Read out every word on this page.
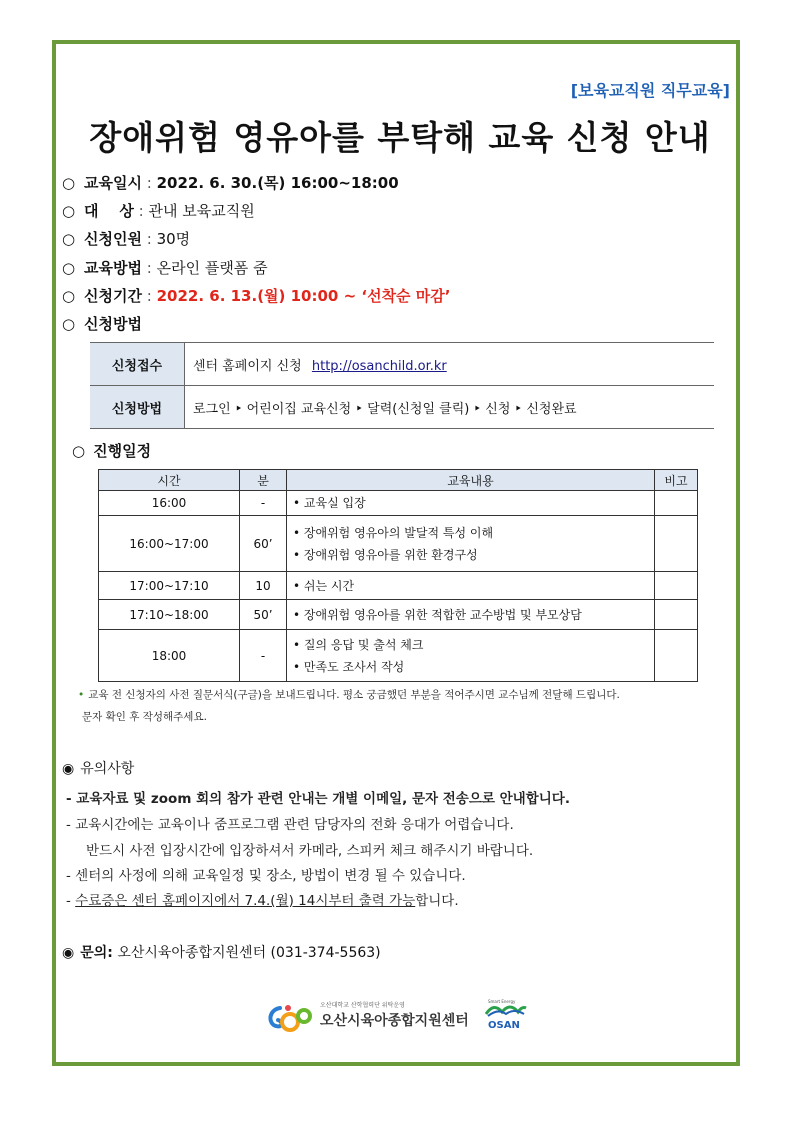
[보육교직원 직무교육]
장애위험 영유아를 부탁해 교육 신청 안내
○ 교육일시 : 2022. 6. 30.(목) 16:00~18:00
○ 대    상 : 관내 보육교직원
○ 신청인원 : 30명
○ 교육방법 : 온라인 플랫폼 줌
○ 신청기간 : 2022. 6. 13.(월) 10:00 ~ ‘선착순 마감’
○ 신청방법
신청접수	센터 홈페이지 신청 http://osanchild.or.kr
신청방법	로그인 ‣ 어린이집 교육신청 ‣ 달력(신청일 클릭) ‣ 신청 ‣ 신청완료
○ 진행일정
시간	분	교육내용	비고
16:00	-	• 교육실 입장	

16:00~17:00	60’	• 장애위험 영유아의 발달적 특성 이해
• 장애위험 영유아를 위한 환경구성	

17:00~17:10	10	• 쉬는 시간	

17:10~18:00	50’	• 장애위험 영유아를 위한 적합한 교수방법 및 부모상담	

18:00	-	• 질의 응답 및 출석 체크
• 만족도 조사서 작성	

• 교육 전 신청자의 사전 질문서식(구글)을 보내드립니다. 평소 궁금했던 부분을 적어주시면 교수님께 전달해 드립니다.
문자 확인 후 작성해주세요.
◉ 유의사항
- 교육자료 및 zoom 회의 참가 관련 안내는 개별 이메일, 문자 전송으로 안내합니다.
- 교육시간에는 교육이나 줌프로그램 관련 담당자의 전화 응대가 어렵습니다.
반드시 사전 입장시간에 입장하셔서 카메라, 스피커 체크 해주시기 바랍니다.
- 센터의 사정에 의해 교육일정 및 장소, 방법이 변경 될 수 있습니다.
- 수료증은 센터 홈페이지에서 7.4.(월) 14시부터 출력 가능합니다.
◉ 문의: 오산시육아종합지원센터 (031-374-5563)
오산대학교 산학협력단 위탁운영
오산시육아종합지원센터
Smart Energy
OSAN
